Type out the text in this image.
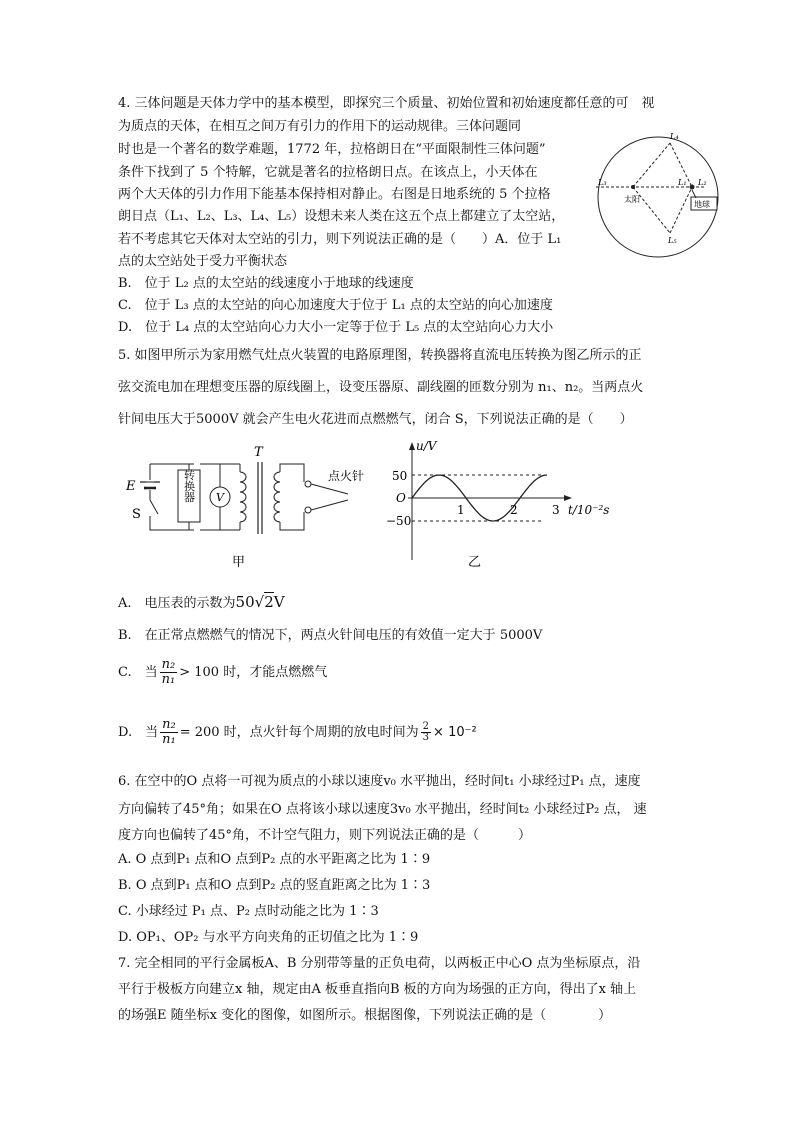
4. 三体问题是天体力学中的基本模型，即探究三个质量、初始位置和初始速度都任意的可　视
为质点的天体，在相互之间万有引力的作用下的运动规律。三体问题同
时也是一个著名的数学难题，1772 年，拉格朗日在“平面限制性三体问题”
条件下找到了 5 个特解，它就是著名的拉格朗日点。在该点上，小天体在
两个大天体的引力作用下能基本保持相对静止。右图是日地系统的 5 个拉格
朗日点（L₁、L₂、L₃、L₄、L₅）设想未来人类在这五个点上都建立了太空站，
若不考虑其它天体对太空站的引力，则下列说法正确的是（　　）A．位于 L₁
点的太空站处于受力平衡状态
B.　位于 L₂ 点的太空站的线速度小于地球的线速度
C.　位于 L₃ 点的太空站的向心加速度大于位于 L₁ 点的太空站的向心加速度
D.　位于 L₄ 点的太空站向心力大小一定等于位于 L₅ 点的太空站向心力大小
太阳
地球
L₄
L₅
L₃	L₁ L₂
5. 如图甲所示为家用燃气灶点火装置的电路原理图，转换器将直流电压转换为图乙所示的正
弦交流电加在理想变压器的原线圈上，设变压器原、副线圈的匝数分别为 n₁、n₂。当两点火
针间电压大于5000V 就会产生电火花进而点燃燃气，闭合 S，下列说法正确的是（　　）
E
S
转换器 V
T
点火针
甲
u/V
t/10⁻²s
O
50
−50
1	2	3
乙
A.　电压表的示数为50√2V
B.　在正常点燃燃气的情况下，两点火针间电压的有效值一定大于 5000V
C.　当 $\frac{\text{n₂}}{\text{n₁}} > 100$ 时，才能点燃燃气
D.　当 $\frac{\text{n₂}}{\text{n₁}} = 200$ 时，点火针每个周期的放电时间为 $\frac{2}{3} \times 10^{-2}$
6. 在空中的O 点将一可视为质点的小球以速度v₀ 水平抛出，经时间t₁ 小球经过P₁ 点，速度
方向偏转了45°角；如果在O 点将该小球以速度3v₀ 水平抛出，经时间t₂ 小球经过P₂ 点， 速
度方向也偏转了45°角，不计空气阻力，则下列说法正确的是（　　　）
A. O 点到P₁ 点和O 点到P₂ 点的水平距离之比为 1∶9
B. O 点到P₁ 点和O 点到P₂ 点的竖直距离之比为 1∶3
C. 小球经过 P₁ 点、P₂ 点时动能之比为 1∶3
D. OP₁、OP₂ 与水平方向夹角的正切值之比为 1∶9
7. 完全相同的平行金属板A、B 分别带等量的正负电荷，以两板正中心O 点为坐标原点，沿
平行于极板方向建立x 轴，规定由A 板垂直指向B 板的方向为场强的正方向，得出了x 轴上
的场强E 随坐标x 变化的图像，如图所示。根据图像，下列说法正确的是（　　　　）
